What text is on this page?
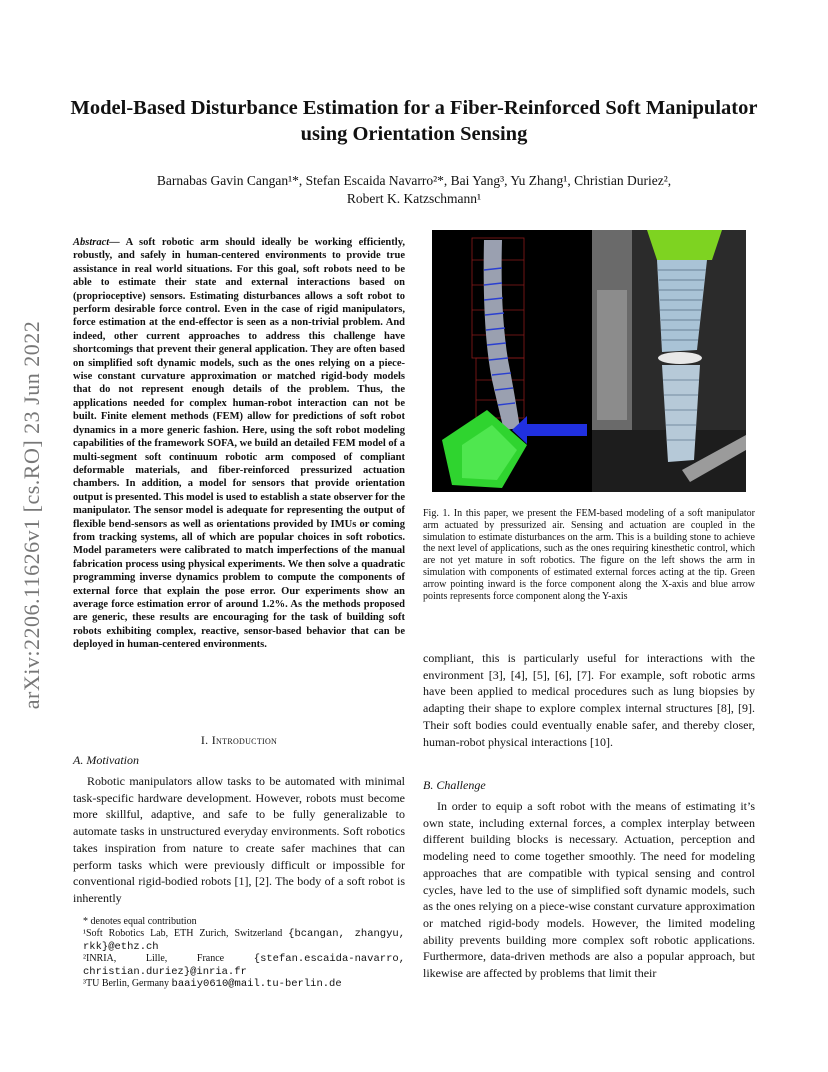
arXiv:2206.11626v1 [cs.RO] 23 Jun 2022
Model-Based Disturbance Estimation for a Fiber-Reinforced Soft Manipulator using Orientation Sensing
Barnabas Gavin Cangan¹*, Stefan Escaida Navarro²*, Bai Yang³, Yu Zhang¹, Christian Duriez²,
Robert K. Katzschmann¹
Abstract— A soft robotic arm should ideally be working efficiently, robustly, and safely in human-centered environments to provide true assistance in real world situations. For this goal, soft robots need to be able to estimate their state and external interactions based on (proprioceptive) sensors. Estimating disturbances allows a soft robot to perform desirable force control. Even in the case of rigid manipulators, force estimation at the end-effector is seen as a non-trivial problem. And indeed, other current approaches to address this challenge have shortcomings that prevent their general application. They are often based on simplified soft dynamic models, such as the ones relying on a piece-wise constant curvature approximation or matched rigid-body models that do not represent enough details of the problem. Thus, the applications needed for complex human-robot interaction can not be built. Finite element methods (FEM) allow for predictions of soft robot dynamics in a more generic fashion. Here, using the soft robot modeling capabilities of the framework SOFA, we build an detailed FEM model of a multi-segment soft continuum robotic arm composed of compliant deformable materials, and fiber-reinforced pressurized actuation chambers. In addition, a model for sensors that provide orientation output is presented. This model is used to establish a state observer for the manipulator. The sensor model is adequate for representing the output of flexible bend-sensors as well as orientations provided by IMUs or coming from tracking systems, all of which are popular choices in soft robotics. Model parameters were calibrated to match imperfections of the manual fabrication process using physical experiments. We then solve a quadratic programming inverse dynamics problem to compute the components of external force that explain the pose error. Our experiments show an average force estimation error of around 1.2%. As the methods proposed are generic, these results are encouraging for the task of building soft robots exhibiting complex, reactive, sensor-based behavior that can be deployed in human-centered environments.
I. Introduction
A. Motivation

Robotic manipulators allow tasks to be automated with minimal task-specific hardware development. However, robots must become more skillful, adaptive, and safe to be fully generalizable to automate tasks in unstructured everyday environments. Soft robotics takes inspiration from nature to create safer machines that can perform tasks which were previously difficult or impossible for conventional rigid-bodied robots [1], [2]. The body of a soft robot is inherently

* denotes equal contribution
¹Soft Robotics Lab, ETH Zurich, Switzerland {bcangan, zhangyu, rkk}@ethz.ch
²INRIA, Lille, France {stefan.escaida-navarro, christian.duriez}@inria.fr
³TU Berlin, Germany baaiy0610@mail.tu-berlin.de

Fig. 1. In this paper, we present the FEM-based modeling of a soft manipulator arm actuated by pressurized air. Sensing and actuation are coupled in the simulation to estimate disturbances on the arm. This is a building stone to achieve the next level of applications, such as the ones requiring kinesthetic control, which are not yet mature in soft robotics. The figure on the left shows the arm in simulation with components of estimated external forces acting at the tip. Green arrow pointing inward is the force component along the X-axis and blue arrow points represents force component along the Y-axis

compliant, this is particularly useful for interactions with the environment [3], [4], [5], [6], [7]. For example, soft robotic arms have been applied to medical procedures such as lung biopsies by adapting their shape to explore complex internal structures [8], [9]. Their soft bodies could eventually enable safer, and thereby closer, human-robot physical interactions [10].

B. Challenge

In order to equip a soft robot with the means of estimating it’s own state, including external forces, a complex interplay between different building blocks is necessary. Actuation, perception and modeling need to come together smoothly. The need for modeling approaches that are compatible with typical sensing and control cycles, have led to the use of simplified soft dynamic models, such as the ones relying on a piece-wise constant curvature approximation or matched rigid-body models. However, the limited modeling ability prevents building more complex soft robotic applications. Furthermore, data-driven methods are also a popular approach, but likewise are affected by problems that limit their
